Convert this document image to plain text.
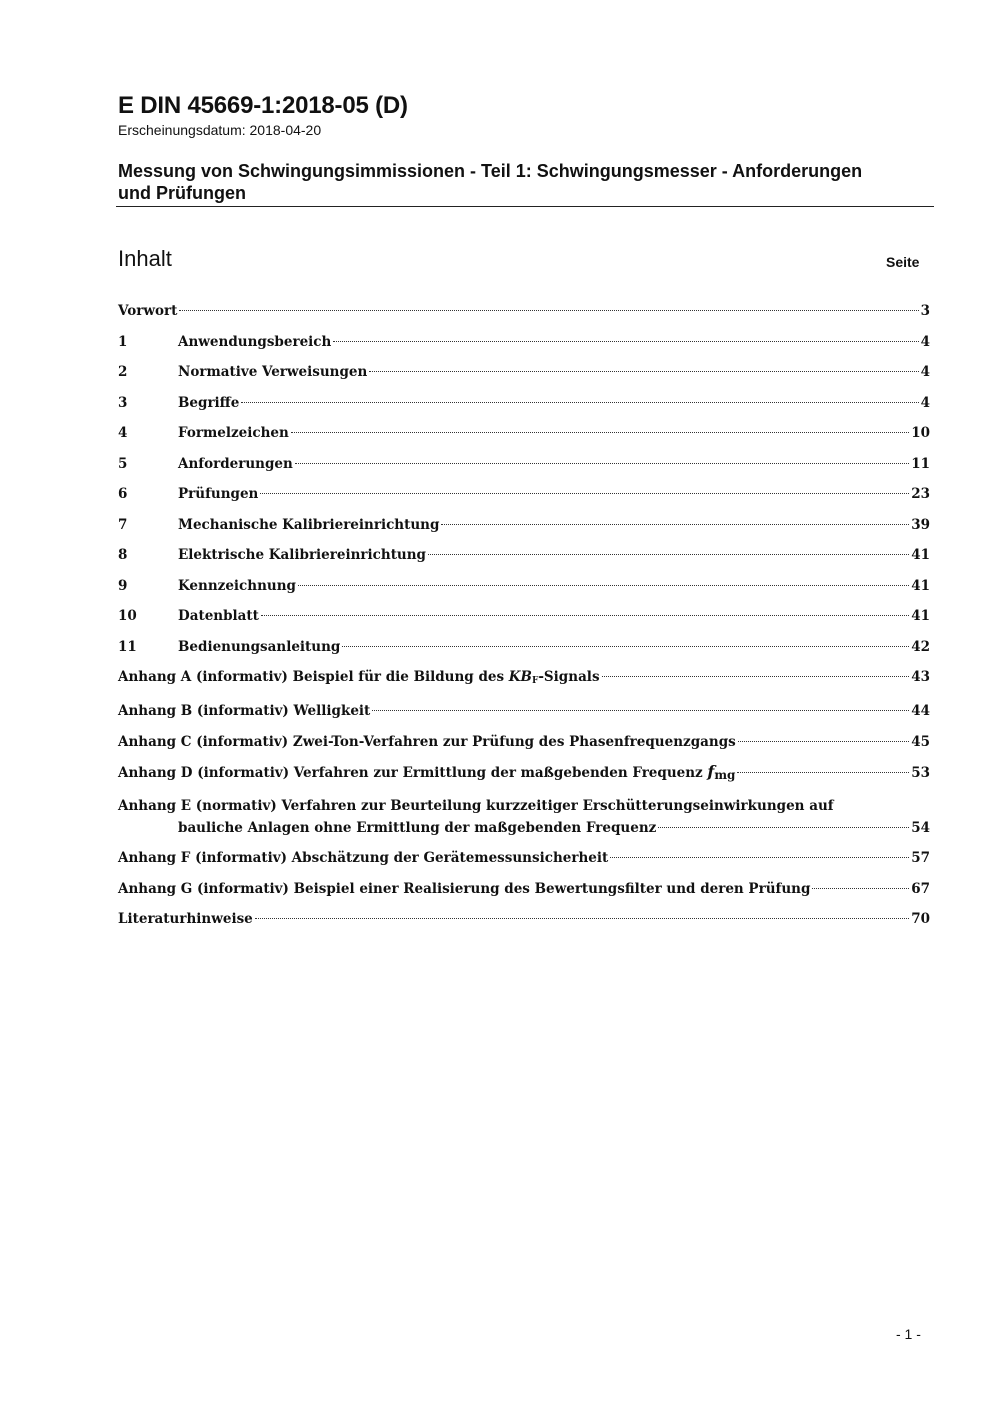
E DIN 45669-1:2018-05 (D)
Erscheinungsdatum: 2018-04-20
Messung von Schwingungsimmissionen - Teil 1: Schwingungsmesser - Anforderungen und Prüfungen
Inhalt	Seite
Vorwort	3
1	Anwendungsbereich	4
2	Normative Verweisungen	4
3	Begriffe	4
4	Formelzeichen	10
5	Anforderungen	11
6	Prüfungen	23
7	Mechanische Kalibriereinrichtung	39
8	Elektrische Kalibriereinrichtung	41
9	Kennzeichnung	41
10	Datenblatt	41
11	Bedienungsanleitung	42
Anhang A (informativ) Beispiel für die Bildung des $KB_F$-Signals	43
Anhang B (informativ) Welligkeit	44
Anhang C (informativ) Zwei-Ton-Verfahren zur Prüfung des Phasenfrequenzgangs	45
Anhang D (informativ) Verfahren zur Ermittlung der maßgebenden Frequenz fmg	53
Anhang E (normativ) Verfahren zur Beurteilung kurzzeitiger Erschütterungseinwirkungen auf
bauliche Anlagen ohne Ermittlung der maßgebenden Frequenz	54
Anhang F (informativ) Abschätzung der Gerätemessunsicherheit	57
Anhang G (informativ) Beispiel einer Realisierung des Bewertungsfilter und deren Prüfung	67
Literaturhinweise	70
- 1 -
